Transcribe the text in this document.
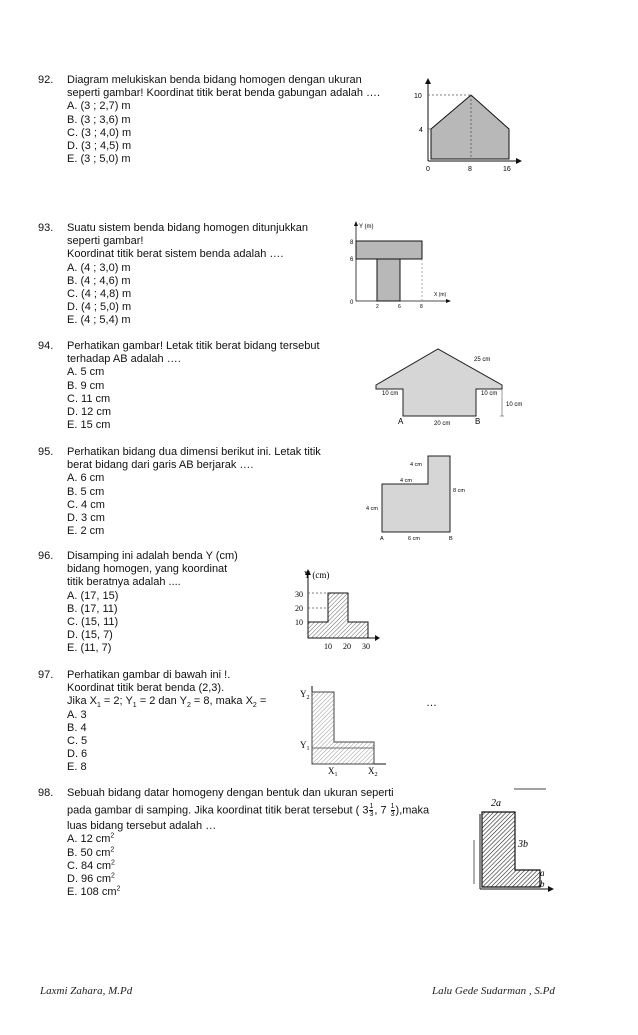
92.	Diagram melukiskan benda bidang homogen dengan ukuran
seperti gambar! Koordinat titik berat benda gabungan adalah ….
A. (3 ; 2,7) m
B. (3 ; 3,6) m
C. (3 ; 4,0) m
D. (3 ; 4,5) m
E. (3 ; 5,0) m
10
4
0	8	16
93.	Suatu sistem benda bidang homogen ditunjukkan
seperti gambar!
Koordinat titik berat sistem benda adalah ….
A. (4 ; 3,0) m
B. (4 ; 4,6) m
C. (4 ; 4,8) m
D. (4 ; 5,0) m
E. (4 ; 5,4) m
Y (m)
X (m)
8
6
0
2	6	8
94.	Perhatikan gambar! Letak titik berat bidang tersebut
terhadap AB adalah ….
A. 5 cm
B. 9 cm
C. 11 cm
D. 12 cm
E. 15 cm
25 cm
10 cm	10 cm
10 cm
A	B
20 cm
95.	Perhatikan bidang dua dimensi berikut ini. Letak titik
berat bidang dari garis AB berjarak ….
A. 6 cm
B. 5 cm
C. 4 cm
D. 3 cm
E. 2 cm
4 cm
4 cm
8 cm
4 cm
A	6 cm	B
96.	Disamping ini adalah benda Y (cm)
bidang homogen, yang koordinat
titik beratnya adalah ....
A. (17, 15)
B. (17, 11)
C. (15, 11)
D. (15, 7)
E. (11, 7)
Y (cm)
30
20
10
10 20 30
97.	Perhatikan gambar di bawah ini !.
Koordinat titik berat benda (2,3).
Jika $X_1 = 2$; $Y_1 = 2$ dan $Y_2 = 8$, maka $X_2$ =
A. 3
B. 4
C. 5
D. 6
E. 8
…
$Y_2$
$Y_1$
$X_1$	$X_2$
98.	Sebuah bidang datar homogeny dengan bentuk dan ukuran seperti
pada gambar di samping. Jika koordinat titik berat tersebut ( $3 \frac{1}{3}$ , $7 \frac{1}{3}$ ),maka
luas bidang tersebut adalah …
A. 12 $cm^2$
B. 50 $cm^2$
C. 84 $cm^2$
D. 96 $cm^2$
E. 108 $cm^2$
2a
3b
a
b
Laxmi Zahara, M.Pd	Lalu Gede Sudarman , S.Pd
